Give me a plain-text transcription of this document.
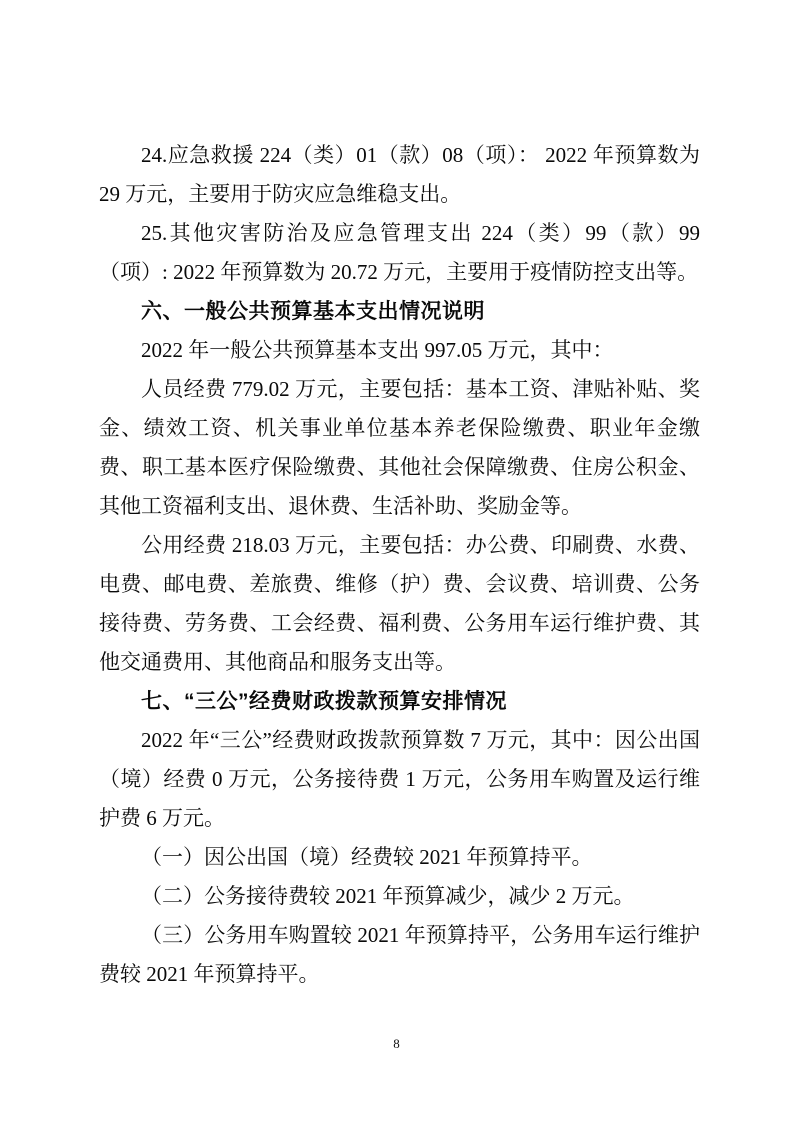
24.应急救援 224（类）01（款）08（项）： 2022 年预算数为 29 万元，主要用于防灾应急维稳支出。

25.其他灾害防治及应急管理支出 224（类）99（款）99（项）: 2022 年预算数为 20.72 万元，主要用于疫情防控支出等。

六、一般公共预算基本支出情况说明

2022 年一般公共预算基本支出 997.05 万元，其中：

人员经费 779.02 万元，主要包括：基本工资、津贴补贴、奖金、绩效工资、机关事业单位基本养老保险缴费、职业年金缴费、职工基本医疗保险缴费、其他社会保障缴费、住房公积金、其他工资福利支出、退休费、生活补助、奖励金等。

公用经费 218.03 万元，主要包括：办公费、印刷费、水费、电费、邮电费、差旅费、维修（护）费、会议费、培训费、公务接待费、劳务费、工会经费、福利费、公务用车运行维护费、其他交通费用、其他商品和服务支出等。

七、“三公”经费财政拨款预算安排情况

2022 年“三公”经费财政拨款预算数 7 万元，其中：因公出国（境）经费 0 万元，公务接待费 1 万元，公务用车购置及运行维护费 6 万元。

（一）因公出国（境）经费较 2021 年预算持平。

（二）公务接待费较 2021 年预算减少，减少 2 万元。

（三）公务用车购置较 2021 年预算持平，公务用车运行维护费较 2021 年预算持平。

8
